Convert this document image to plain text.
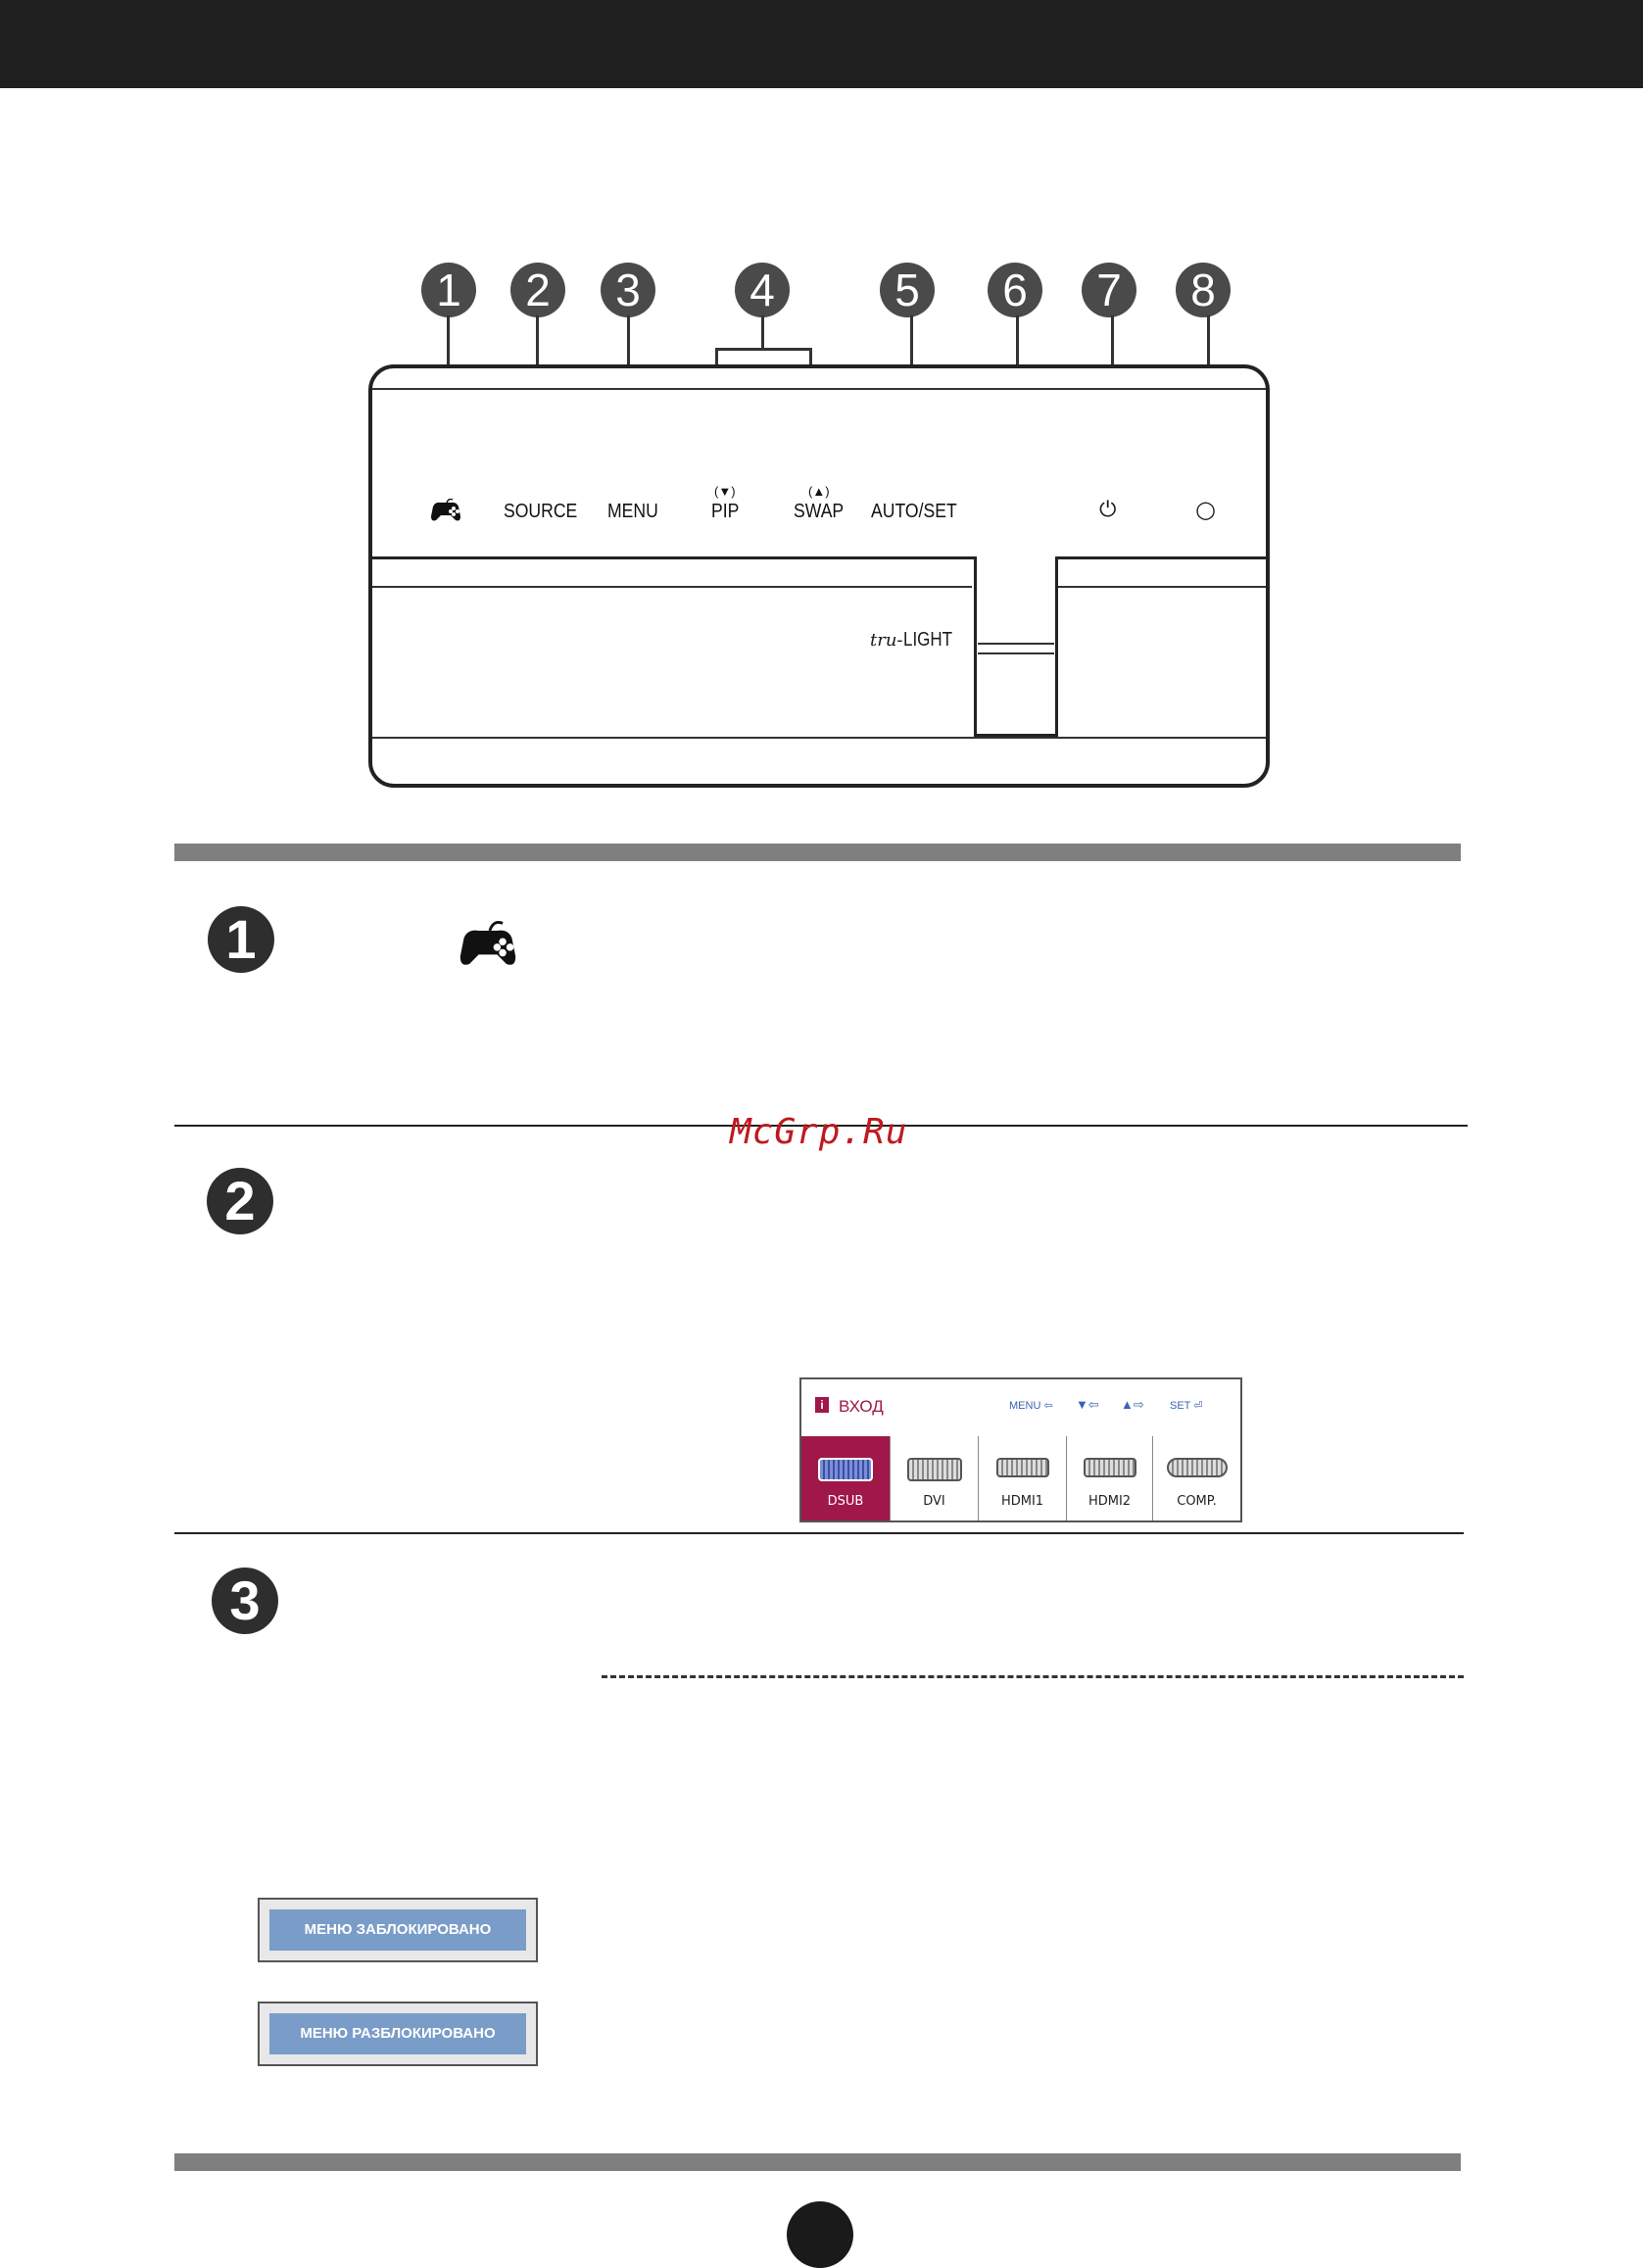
1	2	3	4	5	6	7	8
SOURCE MENU
(▼)
PIP
(▲)
SWAP AUTO/SET	⏻	○
tru-LIGHT
1
McGrp.Ru
2
i ВХОД	MENU ⇦ ▼⇦ ▲⇨ SET ⏎
DSUB	DVI	HDMI1	HDMI2	COMP.
3
МЕНЮ ЗАБЛОКИРОВАНО
МЕНЮ РАЗБЛОКИРОВАНО
